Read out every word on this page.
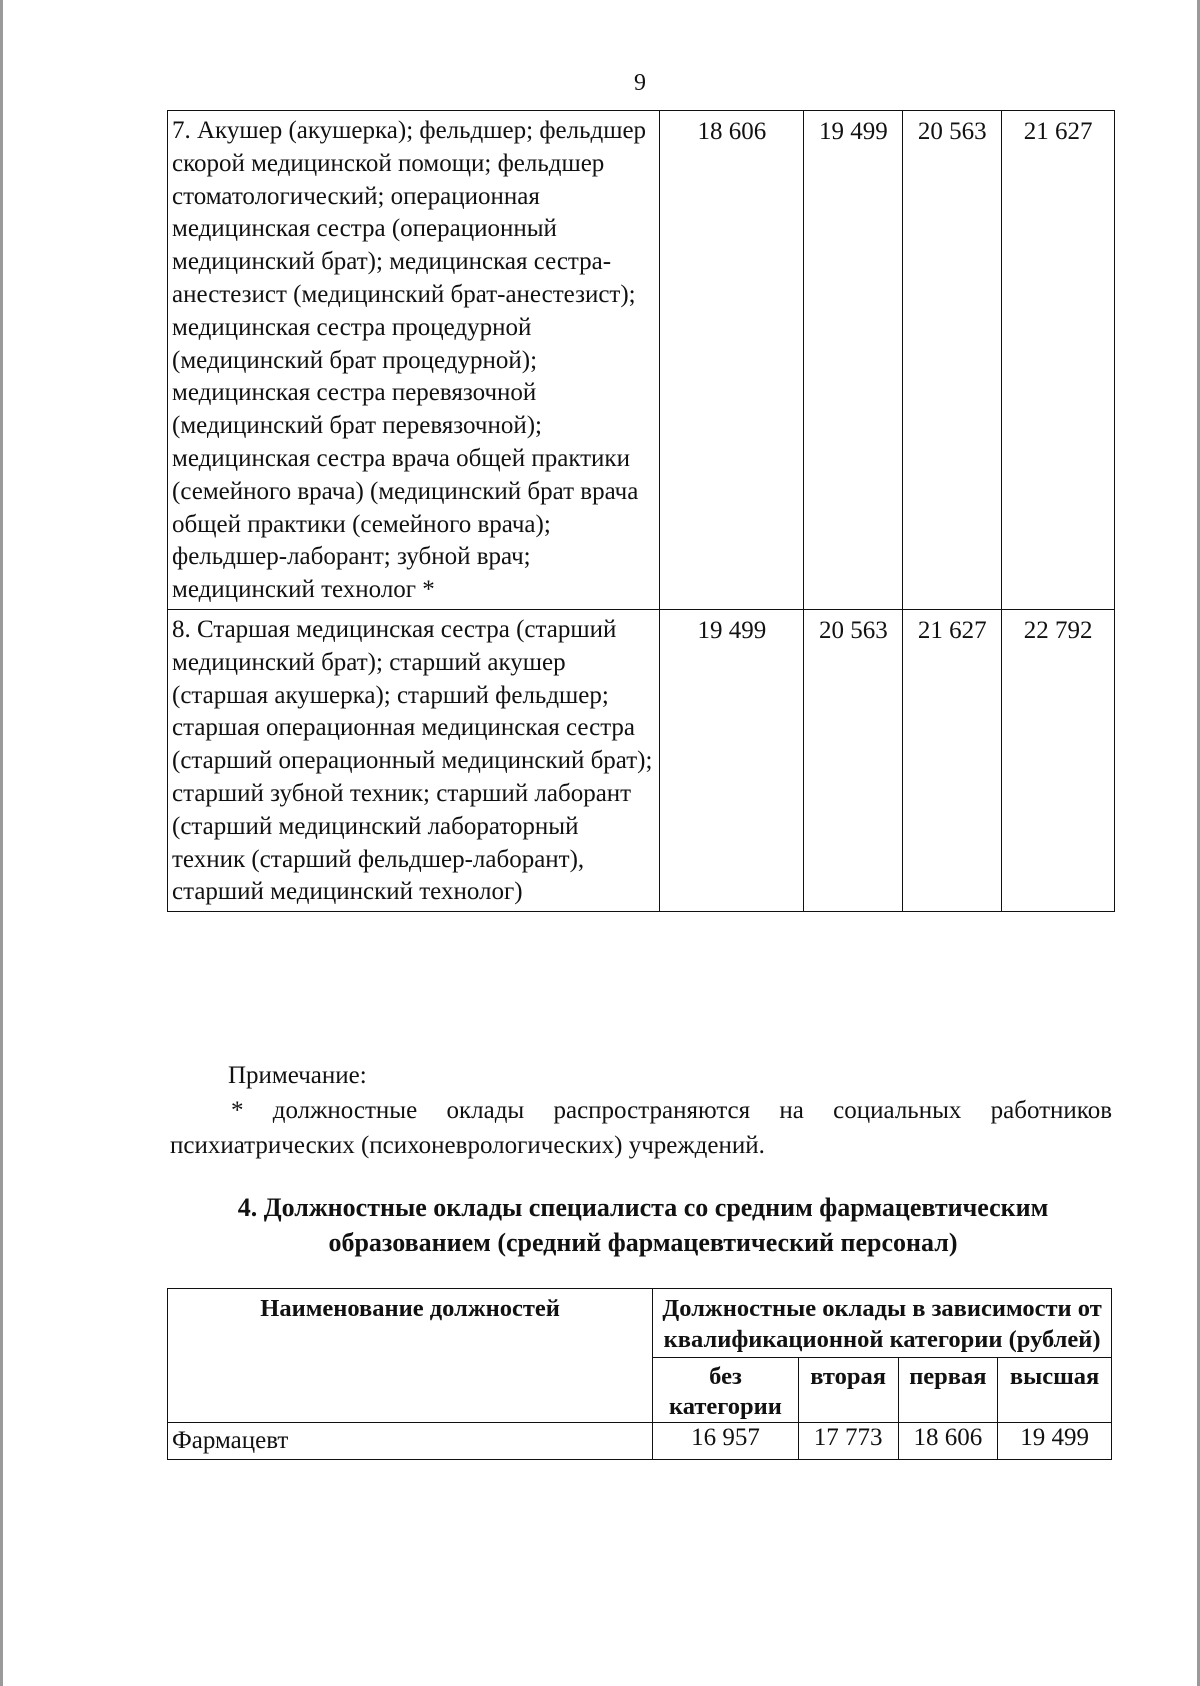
9
7. Акушер (акушерка); фельдшер; фельдшер скорой медицинской помощи; фельдшер стоматологический; операционная медицинская сестра (операционный медицинский брат); медицинская сестра-анестезист (медицинский брат-анестезист); медицинская сестра процедурной (медицинский брат процедурной); медицинская сестра перевязочной (медицинский брат перевязочной); медицинская сестра врача общей практики (семейного врача) (медицинский брат врача общей практики (семейного врача); фельдшер-лаборант; зубной врач; медицинский технолог *	18 606	19 499	20 563	21 627
8. Старшая медицинская сестра (старший медицинский брат); старший акушер (старшая акушерка); старший фельдшер; старшая операционная медицинская сестра (старший операционный медицинский брат); старший зубной техник; старший лаборант (старший медицинский лабораторный техник (старший фельдшер-лаборант), старший медицинский технолог)	19 499	20 563	21 627	22 792
Примечание:
* должностные оклады распространяются на социальных работников психиатрических (психоневрологических) учреждений.
4. Должностные оклады специалиста со средним фармацевтическим образованием (средний фармацевтический персонал)
Наименование должностей	Должностные оклады в зависимости от квалификационной категории (рублей)			
	без категории	вторая	первая	высшая
Фармацевт	16 957	17 773	18 606	19 499
